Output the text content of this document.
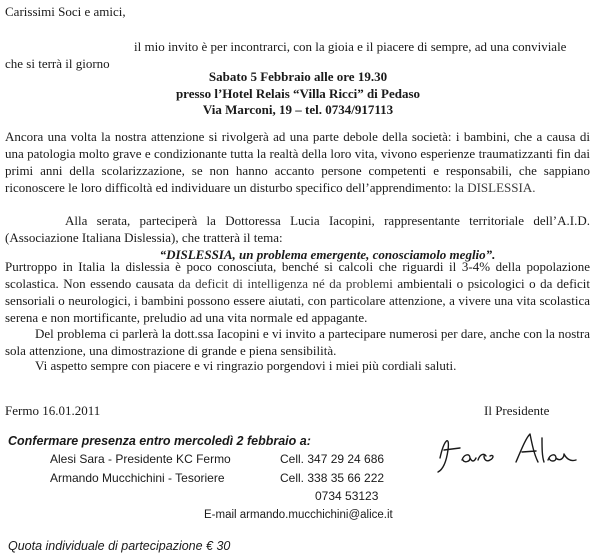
Carissimi Soci e amici,
il mio invito è per incontrarci, con la gioia e il piacere di sempre, ad una conviviale
che si terrà il giorno
Sabato 5 Febbraio alle ore 19.30
presso l’Hotel Relais “Villa Ricci” di Pedaso
Via Marconi, 19 – tel. 0734/917113
Ancora una volta la nostra attenzione si rivolgerà ad una parte debole della società: i bambini, che a causa di una patologia molto grave e condizionante tutta la realtà della loro vita, vivono esperienze traumatizzanti fin dai primi anni della scolarizzazione, se non hanno accanto persone competenti e responsabili, che sappiano riconoscere le loro difficoltà ed individuare un disturbo specifico dell’apprendimento: la DISLESSIA.
Alla serata, parteciperà la Dottoressa Lucia Iacopini, rappresentante territoriale dell’A.I.D. (Associazione Italiana Dislessia), che tratterà il tema:
“DISLESSIA, un problema emergente, conosciamolo meglio”.
Purtroppo in Italia la dislessia è poco conosciuta, benché si calcoli che riguardi il 3-4% della popolazione scolastica. Non essendo causata da deficit di intelligenza né da problemi ambientali o psicologici o da deficit sensoriali o neurologici, i bambini possono essere aiutati, con particolare attenzione, a vivere una vita scolastica serena e non mortificante, preludio ad una vita normale ed appagante.
Del problema ci parlerà la dott.ssa Iacopini e vi invito a partecipare numerosi per dare, anche con la nostra sola attenzione, una dimostrazione di grande e piena sensibilità.
Vi aspetto sempre con piacere e vi ringrazio porgendovi i miei più cordiali saluti.
Fermo 16.01.2011	Il Presidente
Confermare presenza entro mercoledì 2 febbraio a:
Alesi Sara - Presidente KC Fermo
Armando Mucchichini - Tesoriere
Cell. 347 29 24 686
Cell. 338 35 66 222
0734 53123
E-mail armando.mucchichini@alice.it
Quota individuale di partecipazione € 30
